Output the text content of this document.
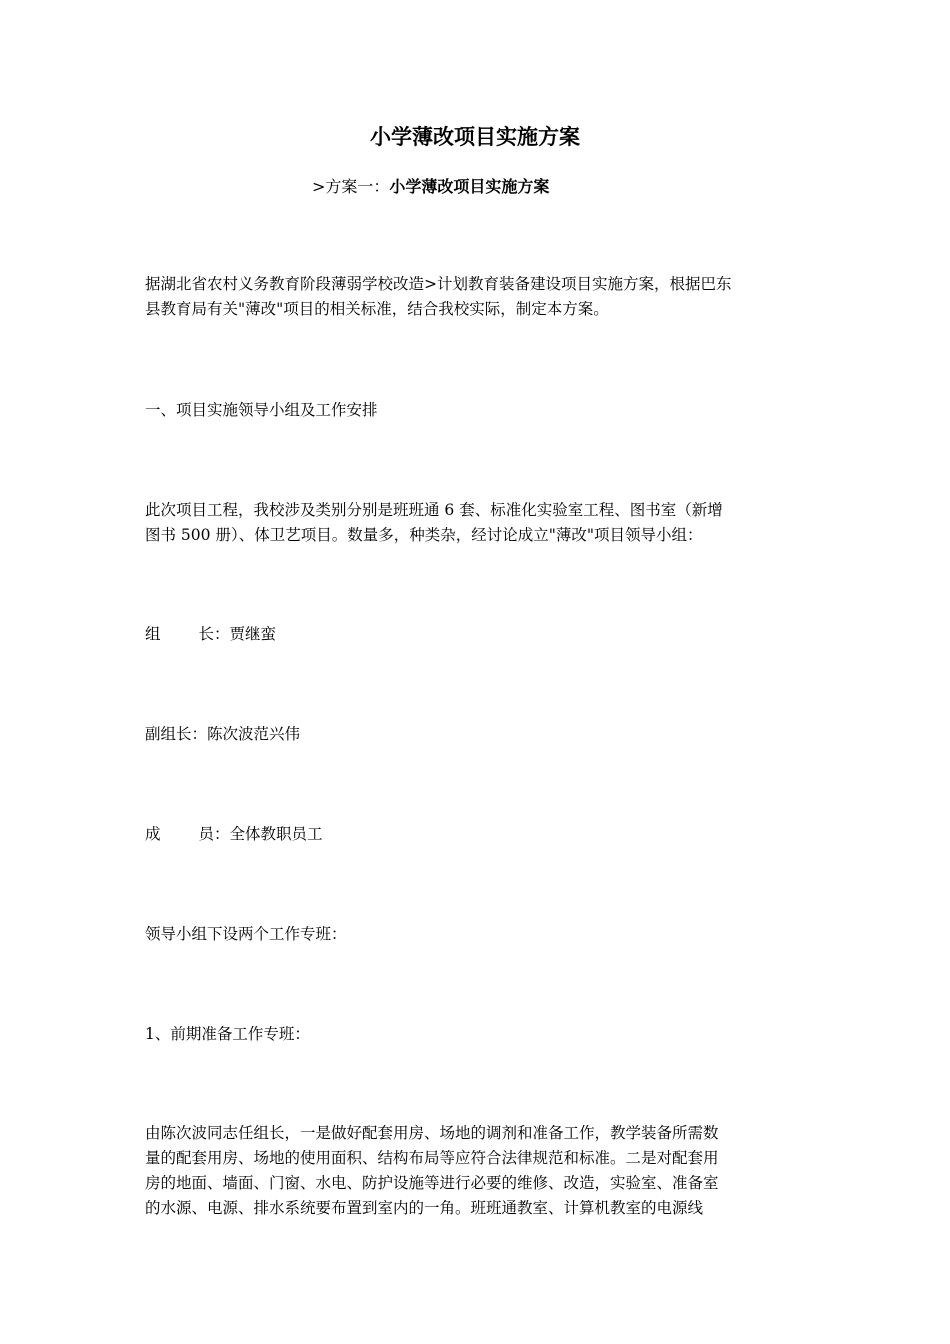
小学薄改项目实施方案
>方案一：小学薄改项目实施方案

据湖北省农村义务教育阶段薄弱学校改造>计划教育装备建设项目实施方案，根据巴东
县教育局有关"薄改"项目的相关标准，结合我校实际，制定本方案。

一、项目实施领导小组及工作安排

此次项目工程，我校涉及类别分别是班班通 6 套、标准化实验室工程、图书室（新增
图书 500 册）、体卫艺项目。数量多，种类杂，经讨论成立"薄改"项目领导小组：

组 长：贾继蛮

副组长：陈次波范兴伟

成 员：全体教职员工

领导小组下设两个工作专班：

1、前期准备工作专班：

由陈次波同志任组长，一是做好配套用房、场地的调剂和准备工作，教学装备所需数
量的配套用房、场地的使用面积、结构布局等应符合法律规范和标准。二是对配套用
房的地面、墙面、门窗、水电、防护设施等进行必要的维修、改造，实验室、准备室
的水源、电源、排水系统要布置到室内的一角。班班通教室、计算机教室的电源线
